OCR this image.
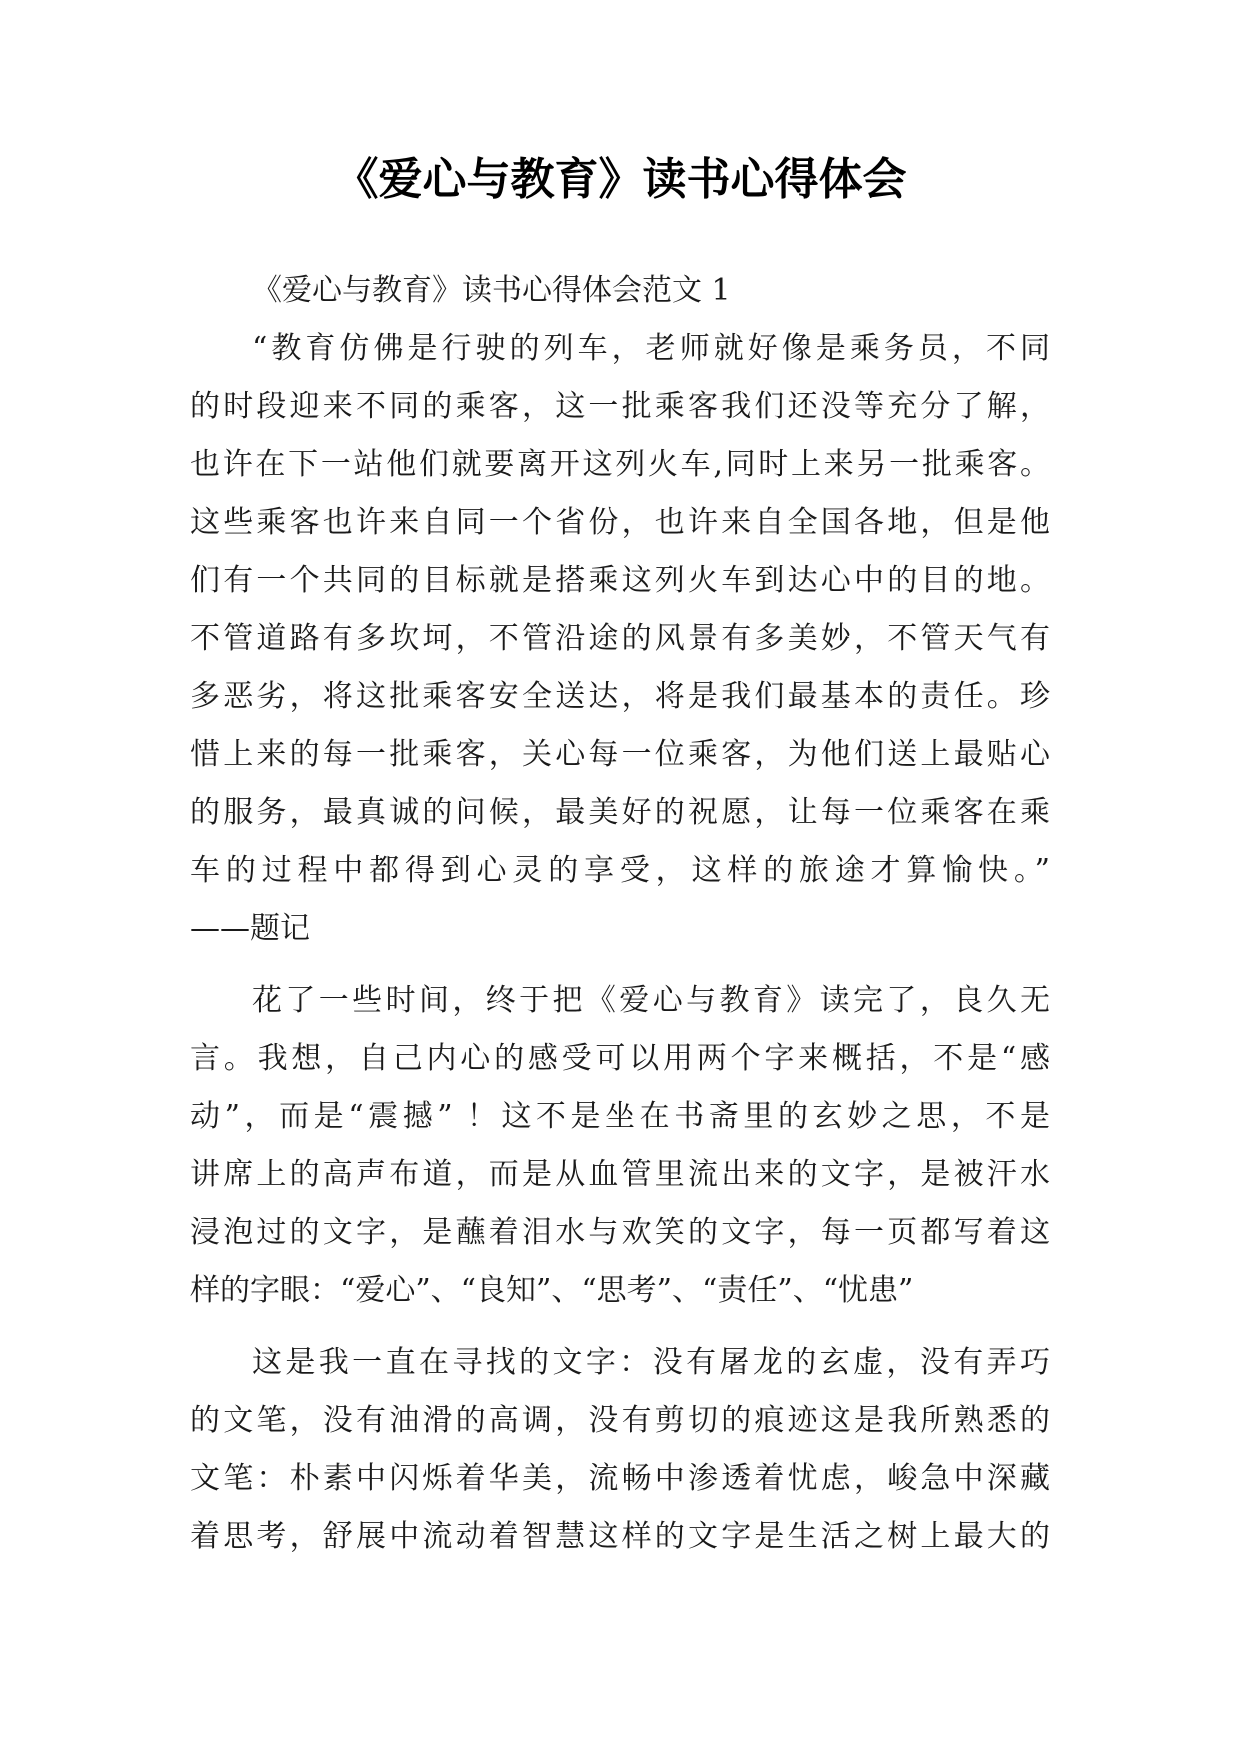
《爱心与教育》读书心得体会
《爱心与教育》读书心得体会范文 1
“教育仿佛是行驶的列车，老师就好像是乘务员，不同
的时段迎来不同的乘客，这一批乘客我们还没等充分了解，
也许在下一站他们就要离开这列火车,同时上来另一批乘客。
这些乘客也许来自同一个省份，也许来自全国各地，但是他
们有一个共同的目标就是搭乘这列火车到达心中的目的地。
不管道路有多坎坷，不管沿途的风景有多美妙，不管天气有
多恶劣，将这批乘客安全送达，将是我们最基本的责任。珍
惜上来的每一批乘客，关心每一位乘客，为他们送上最贴心
的服务，最真诚的问候，最美好的祝愿，让每一位乘客在乘
车的过程中都得到心灵的享受，这样的旅途才算愉快。”
——题记
花了一些时间，终于把《爱心与教育》读完了，良久无
言。我想，自己内心的感受可以用两个字来概括，不是“感
动”，而是“震撼” ！这不是坐在书斋里的玄妙之思，不是
讲席上的高声布道，而是从血管里流出来的文字，是被汗水
浸泡过的文字，是蘸着泪水与欢笑的文字，每一页都写着这
样的字眼：“爱心”、“良知”、“思考”、“责任”、“忧患”
这是我一直在寻找的文字：没有屠龙的玄虚，没有弄巧
的文笔，没有油滑的高调，没有剪切的痕迹这是我所熟悉的
文笔：朴素中闪烁着华美，流畅中渗透着忧虑，峻急中深藏
着思考，舒展中流动着智慧这样的文字是生活之树上最大的
